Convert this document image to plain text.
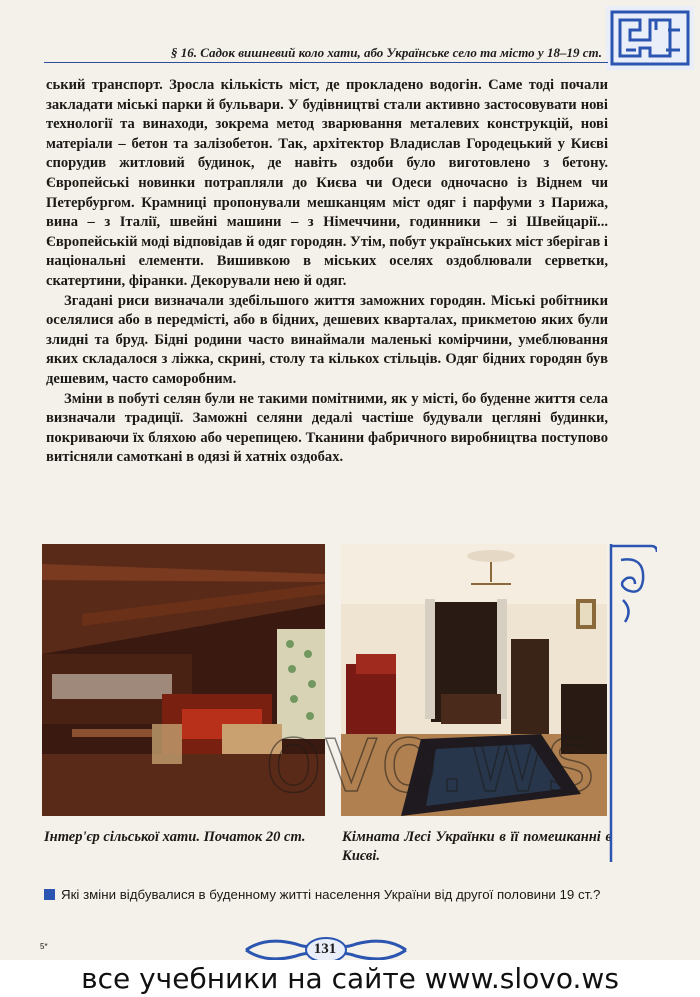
§ 16. Садок вишневий коло хати, або Українське село та місто у 18–19 ст.

ський транспорт. Зросла кількість міст, де прокладено водогін. Саме тоді почали закладати міські парки й бульвари. У будівництві стали активно застосовувати нові технології та винаходи, зокрема метод зварювання металевих конструкцій, нові матеріали – бетон та залізобетон. Так, архітектор Владислав Городецький у Києві спорудив житловий будинок, де навіть оздоби було виготовлено з бетону. Європейські новинки потрапляли до Києва чи Одеси одночасно із Віднем чи Петербургом. Крамниці пропонували мешканцям міст одяг і парфуми з Парижа, вина – з Італії, швейні машини – з Німеччини, годинники – зі Швейцарії... Європейській моді відповідав й одяг городян. Утім, побут українських міст зберігав і національні елементи. Вишивкою в міських оселях оздоблювали серветки, скатертини, фіранки. Декорували нею й одяг.

Згадані риси визначали здебільшого життя заможних городян. Міські робітники оселялися або в передмісті, або в бідних, дешевих кварталах, прикметою яких були злидні та бруд. Бідні родини часто винаймали маленькі комірчини, умеблювання яких складалося з ліжка, скрині, столу та кількох стільців. Одяг бідних городян був дешевим, часто саморобним.

Зміни в побуті селян були не такими помітними, як у місті, бо буденне життя села визначали традиції. Заможні селяни дедалі частіше будували цегляні будинки, покриваючи їх бляхою або черепицею. Тканини фабричного виробництва поступово витісняли самоткані в одязі й хатніх оздобах.

Інтер'єр сільської хати. Початок 20 ст.	Кімната Лесі Українки в її помешканні в Києві.
Які зміни відбувалися в буденному житті населення України від другої половини 19 ст.?
5*	131
ovo.ws
все учебники на сайте www.slovo.ws
